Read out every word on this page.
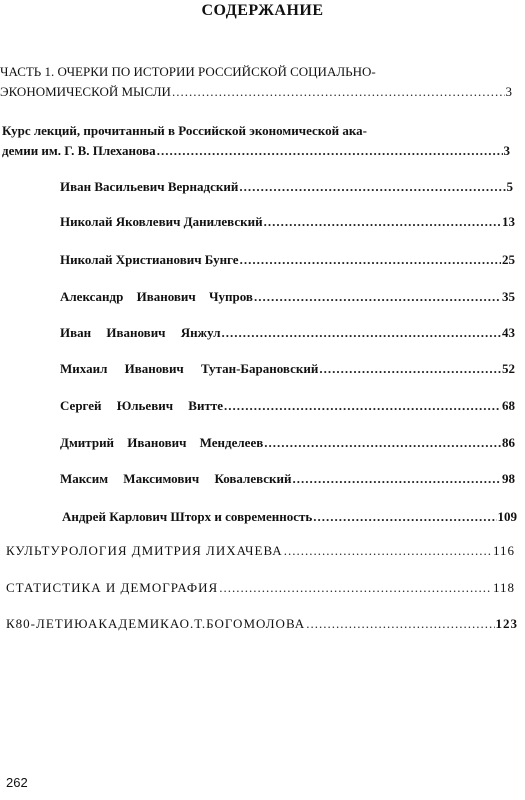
СОДЕРЖАНИЕ
ЧАСТЬ 1. ОЧЕРКИ ПО ИСТОРИИ РОССИЙСКОЙ СОЦИАЛЬНО-
ЭКОНОМИЧЕСКОЙ МЫСЛИ .....	3
Курс лекций, прочитанный в Российской экономической ака-
демии им. Г. В. Плеханова .....	3
Иван Васильевич Вернадский .....	5
Николай Яковлевич Данилевский .....	13
Николай Христианович Бунге .....	25
Александр Иванович Чупров .....	35
Иван Иванович Янжул .....	43
Михаил Иванович Тутан-Барановский .....	52
Сергей Юльевич Витте .....	68
Дмитрий Иванович Менделеев .....	86
Максим Максимович Ковалевский .....	98
Андрей Карлович Шторх и современность .....	109
КУЛЬТУРОЛОГИЯ ДМИТРИЯ ЛИХАЧЕВА .....	116
СТАТИСТИКА И ДЕМОГРАФИЯ .....	118
К80-ЛЕТИЮАКАДЕМИКАО.Т.БОГОМОЛОВА .....	123
262
